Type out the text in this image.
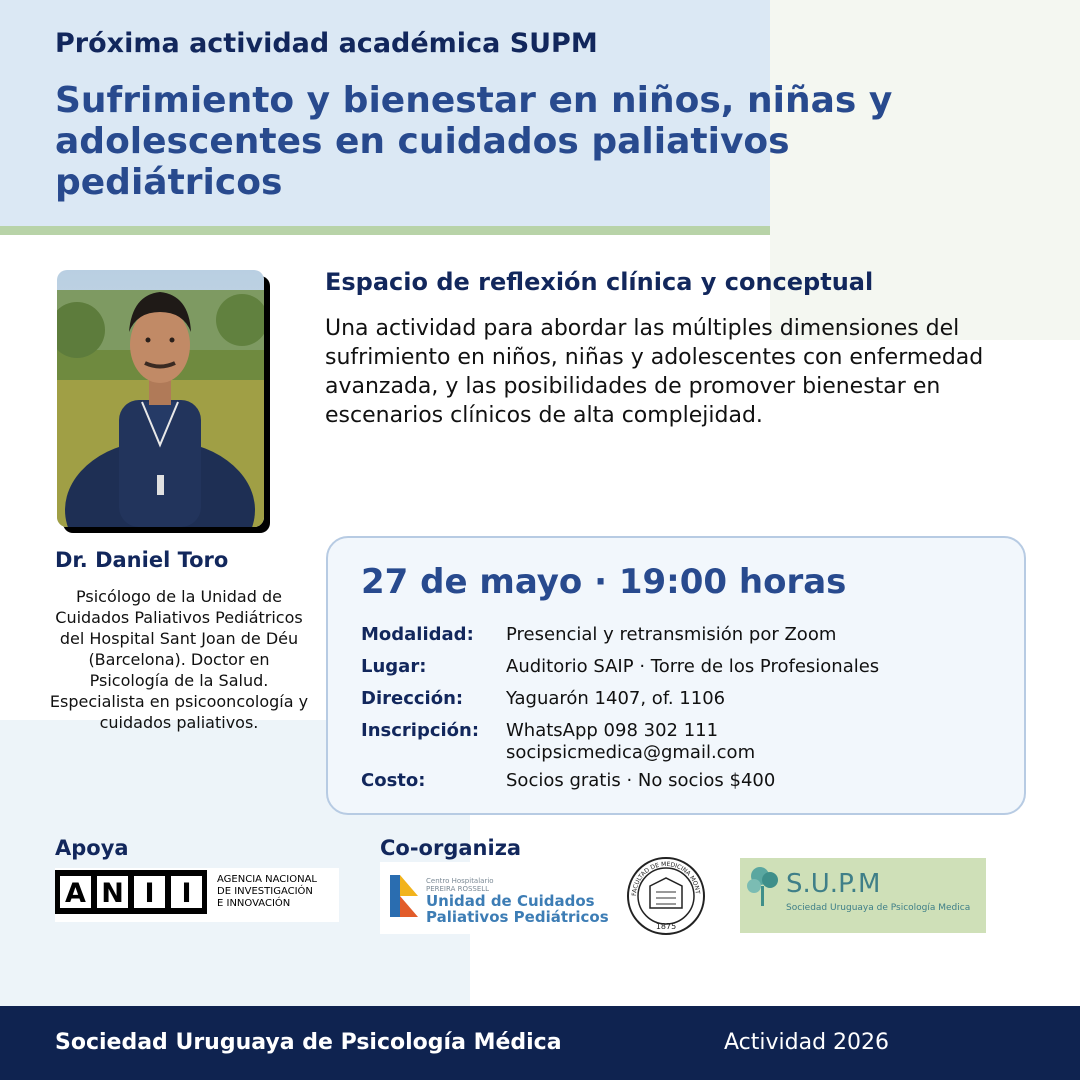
Próxima actividad académica SUPM
Sufrimiento y bienestar en niños, niñas y adolescentes en cuidados paliativos pediátricos
Dr. Daniel Toro
Psicólogo de la Unidad de Cuidados Paliativos Pediátricos del Hospital Sant Joan de Déu (Barcelona). Doctor en Psicología de la Salud. Especialista en psicooncología y cuidados paliativos.
Espacio de reflexión clínica y conceptual
Una actividad para abordar las múltiples dimensiones del sufrimiento en niños, niñas y adolescentes con enfermedad avanzada, y las posibilidades de promover bienestar en escenarios clínicos de alta complejidad.
27 de mayo · 19:00 horas
Modalidad: Presencial y retransmisión por Zoom
Lugar:	Auditorio SAIP · Torre de los Profesionales
Dirección: Yaguarón 1407, of. 1106
Inscripción: WhatsApp 098 302 111
socipsicmedica@gmail.com
Costo:	Socios gratis · No socios $400
Apoya	Co-organiza
A N I I	AGENCIA NACIONAL
DE INVESTIGACIÓN
E INNOVACIÓN
Centro Hospitalario
PEREIRA ROSSELL
Unidad de Cuidados
Paliativos Pediátricos
1875
FACULTAD DE MEDICINA MONT	S.U.P.M
Sociedad Uruguaya de Psicología Medica
Sociedad Uruguaya de Psicología Médica	Actividad 2026
